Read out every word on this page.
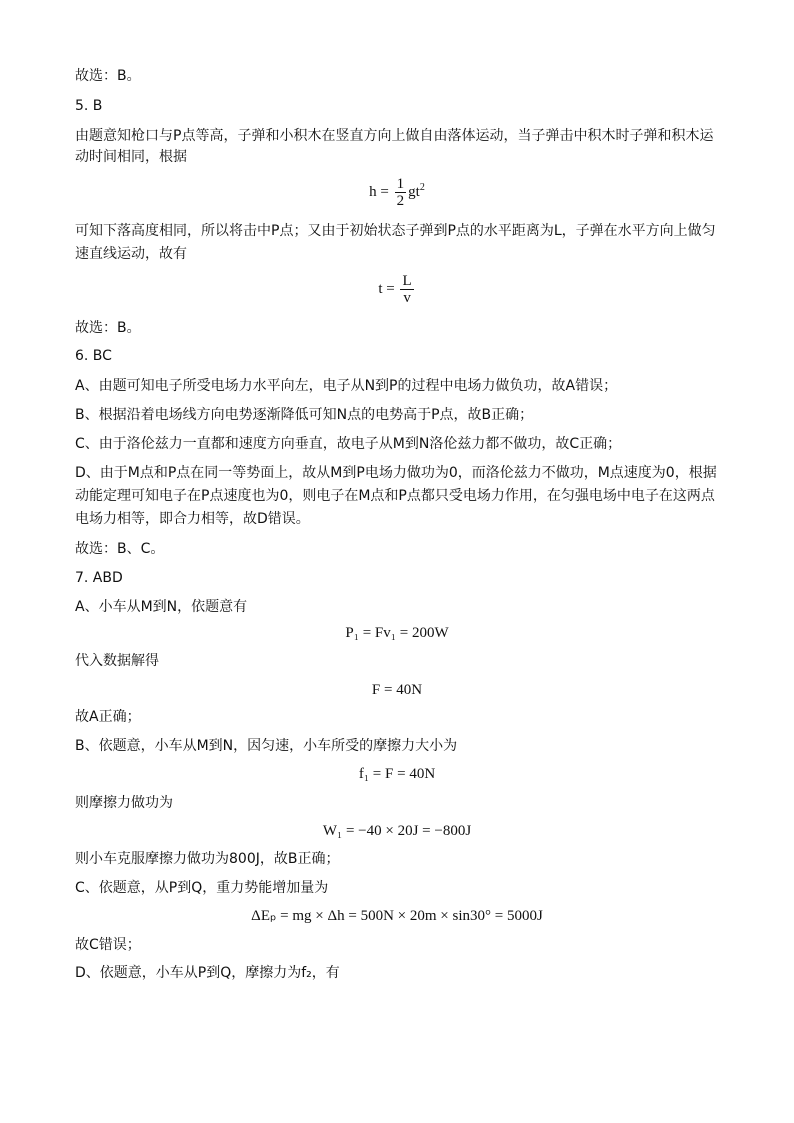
故选：B。
5. B
由题意知枪口与P点等高，子弹和小积木在竖直方向上做自由落体运动，当子弹击中积木时子弹和积木运
动时间相同，根据
$h = \frac{1}{2} gt^2$
可知下落高度相同，所以将击中P点；又由于初始状态子弹到P点的水平距离为L，子弹在水平方向上做匀
速直线运动，故有
$t = \frac{L}{v}$
故选：B。
6. BC
A、由题可知电子所受电场力水平向左，电子从N到P的过程中电场力做负功，故A错误；
B、根据沿着电场线方向电势逐渐降低可知N点的电势高于P点，故B正确；
C、由于洛伦兹力一直都和速度方向垂直，故电子从M到N洛伦兹力都不做功，故C正确；
D、由于M点和P点在同一等势面上，故从M到P电场力做功为0，而洛伦兹力不做功，M点速度为0，根据
动能定理可知电子在P点速度也为0，则电子在M点和P点都只受电场力作用，在匀强电场中电子在这两点
电场力相等，即合力相等，故D错误。
故选：B、C。
7. ABD
A、小车从M到N，依题意有
P₁ = Fv₁ = 200W
代入数据解得
F = 40N
故A正确；
B、依题意，小车从M到N，因匀速，小车所受的摩擦力大小为
f₁ = F = 40N
则摩擦力做功为
W₁ = −40 × 20J = −800J
则小车克服摩擦力做功为800J，故B正确；
C、依题意，从P到Q，重力势能增加量为
ΔEₚ = mg × Δh = 500N × 20m × sin⁡30° = 5000J
故C错误；
D、依题意，小车从P到Q，摩擦力为f₂，有
